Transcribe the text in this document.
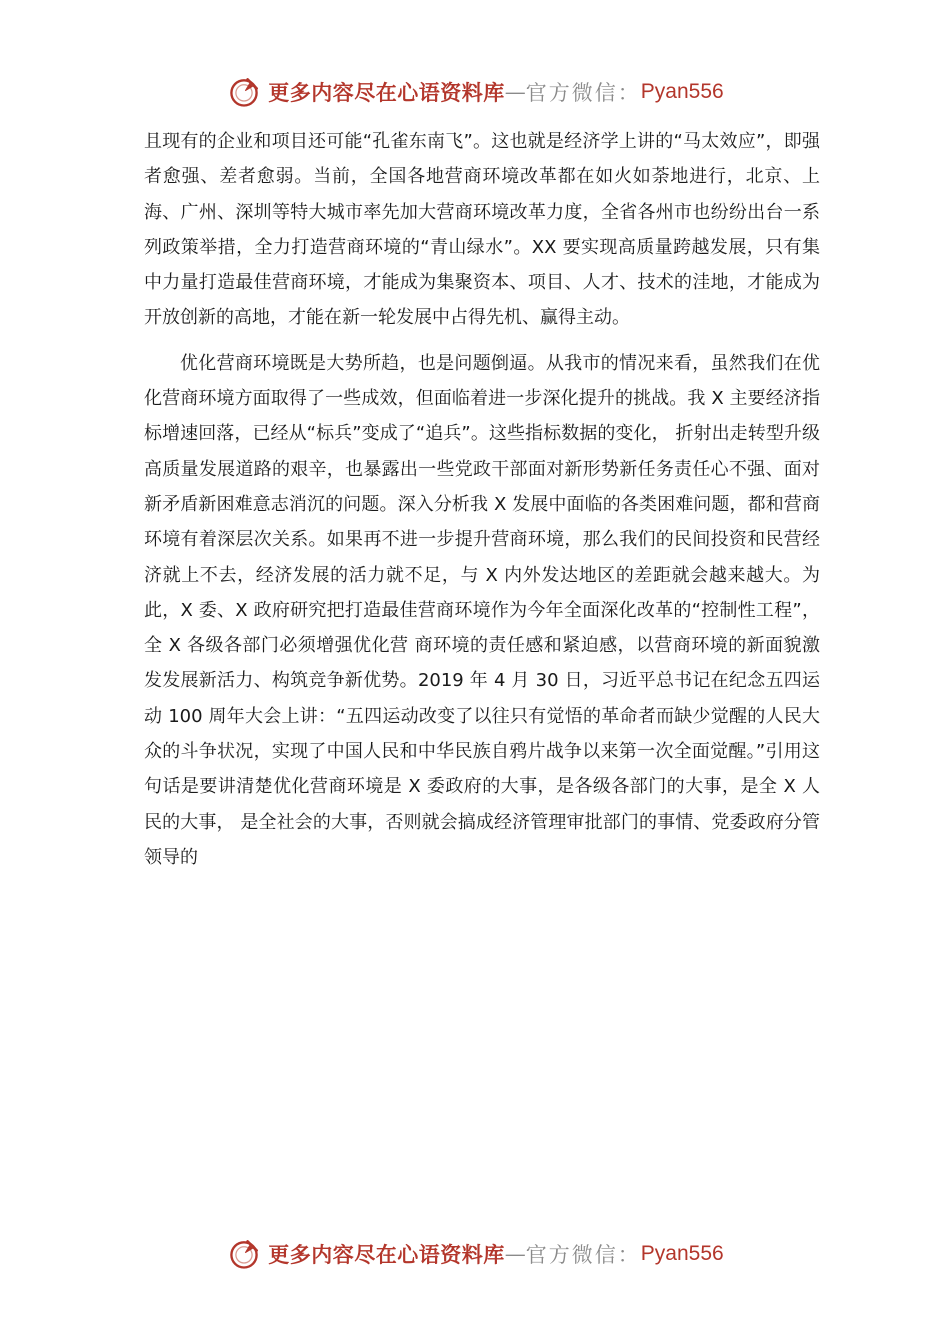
更多内容尽在心语资料库 — 官方微信： Pyan556

且现有的企业和项目还可能“孔雀东南飞”。这也就是经济学上讲的“马太效应”，即强者愈强、差者愈弱。当前，全国各地营商环境改革都在如火如荼地进行，北京、上海、广州、深圳等特大城市率先加大营商环境改革力度，全省各州市也纷纷出台一系列政策举措，全力打造营商环境的“青山绿水”。XX 要实现高质量跨越发展，只有集中力量打造最佳营商环境，才能成为集聚资本、项目、人才、技术的洼地，才能成为开放创新的高地，才能在新一轮发展中占得先机、赢得主动。

优化营商环境既是大势所趋，也是问题倒逼。从我市的情况来看，虽然我们在优化营商环境方面取得了一些成效，但面临着进一步深化提升的挑战。我 X 主要经济指标增速回落，已经从“标兵”变成了“追兵”。这些指标数据的变化， 折射出走转型升级高质量发展道路的艰辛，也暴露出一些党政干部面对新形势新任务责任心不强、面对新矛盾新困难意志消沉的问题。深入分析我 X 发展中面临的各类困难问题，都和营商环境有着深层次关系。如果再不进一步提升营商环境，那么我们的民间投资和民营经济就上不去，经济发展的活力就不足，与 X 内外发达地区的差距就会越来越大。为此，X 委、X 政府研究把打造最佳营商环境作为今年全面深化改革的“控制性工程”，全 X 各级各部门必须增强优化营 商环境的责任感和紧迫感，以营商环境的新面貌激发发展新活力、构筑竞争新优势。2019 年 4 月 30 日，习近平总书记在纪念五四运动 100 周年大会上讲：“五四运动改变了以往只有觉悟的革命者而缺少觉醒的人民大众的斗争状况，实现了中国人民和中华民族自鸦片战争以来第一次全面觉醒。”引用这句话是要讲清楚优化营商环境是 X 委政府的大事，是各级各部门的大事，是全 X 人民的大事， 是全社会的大事，否则就会搞成经济管理审批部门的事情、党委政府分管领导的

更多内容尽在心语资料库 — 官方微信： Pyan556
